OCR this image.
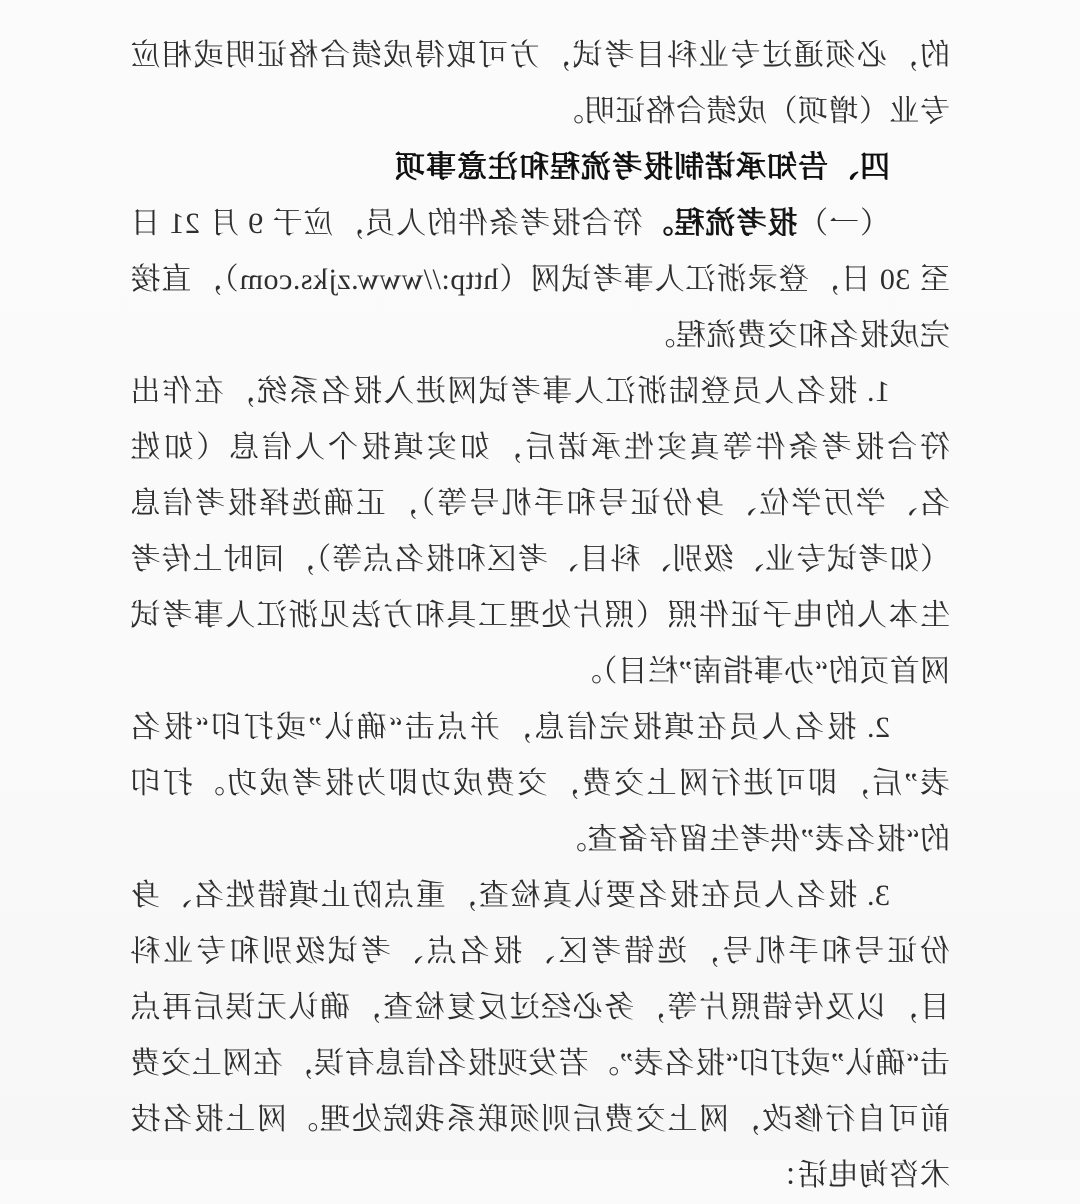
的，必须通过专业科目考试，方可取得成绩合格证明或相应专业（增项）成绩合格证明。

四、告知承诺制报考流程和注意事项

（一）报考流程。符合报考条件的人员，应于 9 月 21 日至 30 日，登录浙江人事考试网（http://www.zjks.com），直接完成报名和交费流程。

1. 报名人员登陆浙江人事考试网进入报名系统，在作出符合报考条件等真实性承诺后，如实填报个人信息（如姓名、学历学位、身份证号和手机号等），正确选择报考信息（如考试专业、级别、科目、考区和报名点等），同时上传考生本人的电子证件照（照片处理工具和方法见浙江人事考试网首页的“办事指南”栏目）。

2. 报名人员在填报完信息，并点击“确认”或打印“报名表”后，即可进行网上交费，交费成功即为报考成功。打印的“报名表”供考生留存备查。

3. 报名人员在报名要认真检查，重点防止填错姓名、身份证号和手机号，选错考区、报名点、考试级别和专业科目，以及传错照片等，务必经过反复检查，确认无误后再点击“确认”或打印“报名表”。若发现报名信息有误，在网上交费前可自行修改，网上交费后则须联系我院处理。网上报名技术咨询电话：
